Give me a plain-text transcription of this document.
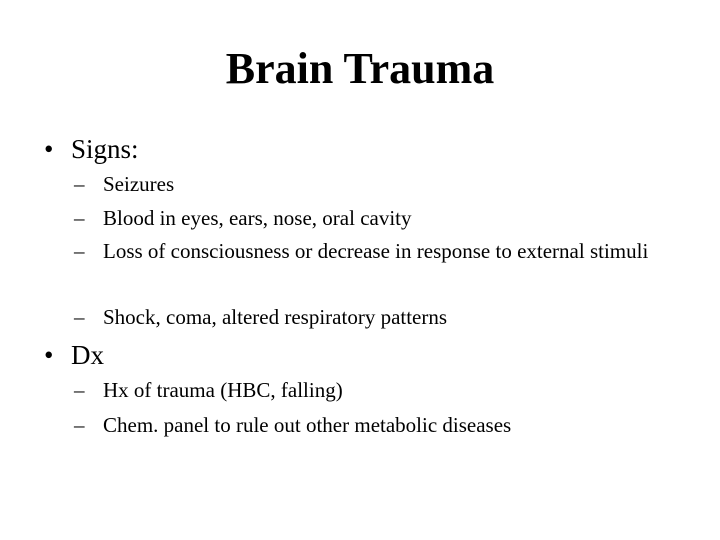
Brain Trauma
• Signs:
– Seizures
– Blood in eyes, ears, nose, oral cavity
– Loss of consciousness or decrease in response to external stimuli
– Shock, coma, altered respiratory patterns
• Dx
– Hx of trauma (HBC, falling)
– Chem. panel to rule out other metabolic diseases
